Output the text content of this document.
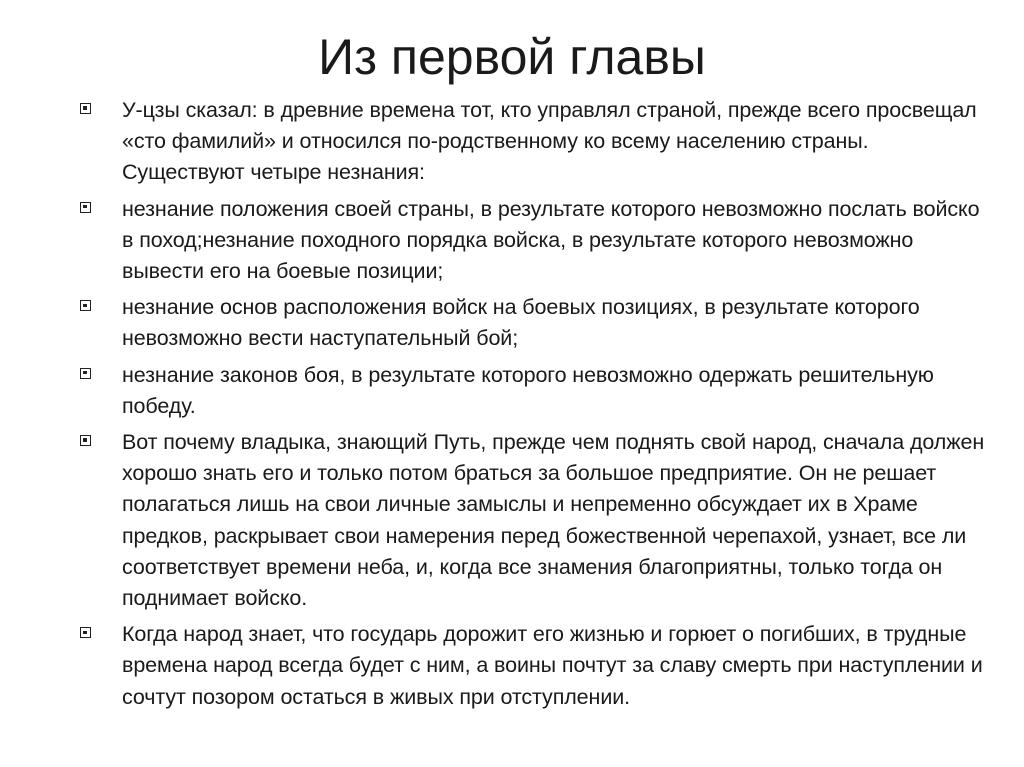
Из первой главы
У-цзы сказал: в древние времена тот, кто управлял страной, прежде всего просвещал «сто фамилий» и относился по-родственному ко всему населению страны. Существуют четыре незнания:
незнание положения своей страны, в результате которого невозможно послать войско в поход;незнание походного порядка войска, в результате которого невозможно вывести его на боевые позиции;
незнание основ расположения войск на боевых позициях, в результате которого невозможно вести наступательный бой;
незнание законов боя, в результате которого невозможно одержать решительную победу.
Вот почему владыка, знающий Путь, прежде чем поднять свой народ, сначала должен хорошо знать его и только потом браться за большое предприятие. Он не решает полагаться лишь на свои личные замыслы и непременно обсуждает их в Храме предков, раскрывает свои намерения перед божественной черепахой, узнает, все ли соответствует времени неба, и, когда все знамения благоприятны, только тогда он поднимает войско.
Когда народ знает, что государь дорожит его жизнью и горюет о погибших, в трудные времена народ всегда будет с ним, а воины почтут за славу смерть при наступлении и сочтут позором остаться в живых при отступлении.
